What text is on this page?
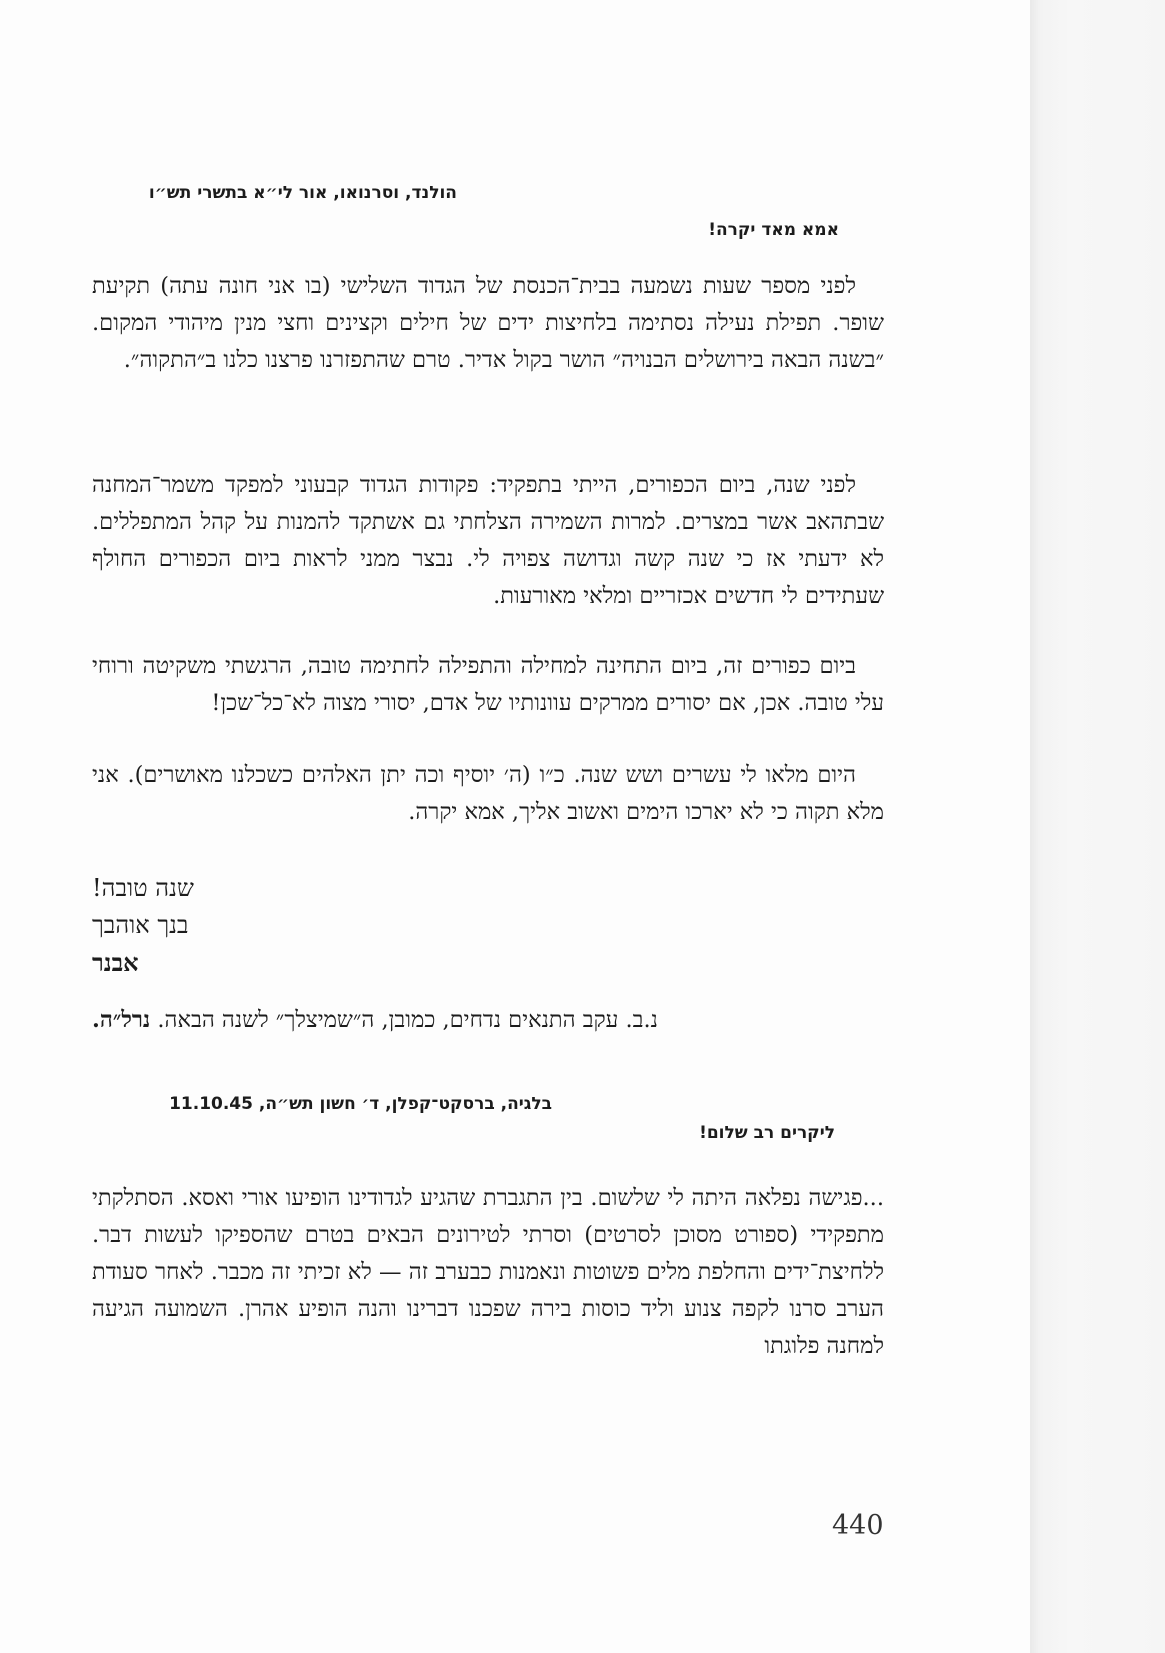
הולנד, וסרנואו, אור לי״א בתשרי תש״ו
אמא מאד יקרה!

לפני מספר שעות נשמעה בבית־הכנסת של הגדוד השלישי (בו אני חונה עתה) תקיעת שופר. תפילת נעילה נסתימה בלחיצות ידים של חילים וקצינים וחצי מנין מיהודי המקום. ״בשנה הבאה בירושלים הבנויה״ הושר בקול אדיר. טרם שהתפזרנו פרצנו כלנו ב״התקוה״.

לפני שנה, ביום הכפורים, הייתי בתפקיד: פקודות הגדוד קבעוני למפקד משמר־המחנה שבתהאב אשר במצרים. למרות השמירה הצלחתי גם אשתקד להמנות על קהל המתפללים. לא ידעתי אז כי שנה קשה וגדושה צפויה לי. נבצר ממני לראות ביום הכפורים החולף שעתידים לי חדשים אכזריים ומלאי מאורעות.

ביום כפורים זה, ביום התחינה למחילה והתפילה לחתימה טובה, הרגשתי משקיטה ורוחי עלי טובה. אכן, אם יסורים ממרקים עוונותיו של אדם, יסורי מצוה לא־כל־שכן!

היום מלאו לי עשרים ושש שנה. כ״ו (ה׳ יוסיף וכה יתן האלהים כשכלנו מאושרים). אני מלא תקוה כי לא יארכו הימים ואשוב אליך, אמא יקרה.

שנה טובה!
בנך אוהבך
אבנר
נ.ב. עקב התנאים נדחים, כמובן, ה״שמיצלך״ לשנה הבאה. נרל״ה.
בלגיה, ברסקט־קפלן, ד׳ חשון תש״ה, 11.10.45
ליקרים רב שלום!

...פגישה נפלאה היתה לי שלשום. בין התגברת שהגיע לגדודינו הופיעו אורי ואסא. הסתלקתי מתפקידי (ספורט מסוכן לסרטים) וסרתי לטירונים הבאים בטרם שהספיקו לעשות דבר. ללחיצת־ידים והחלפת מלים פשוטות ונאמנות כבערב זה — לא זכיתי זה מכבר. לאחר סעודת הערב סרנו לקפה צנוע וליד כוסות בירה שפכנו דברינו והנה הופיע אהרן. השמועה הגיעה למחנה פלוגתו

440
